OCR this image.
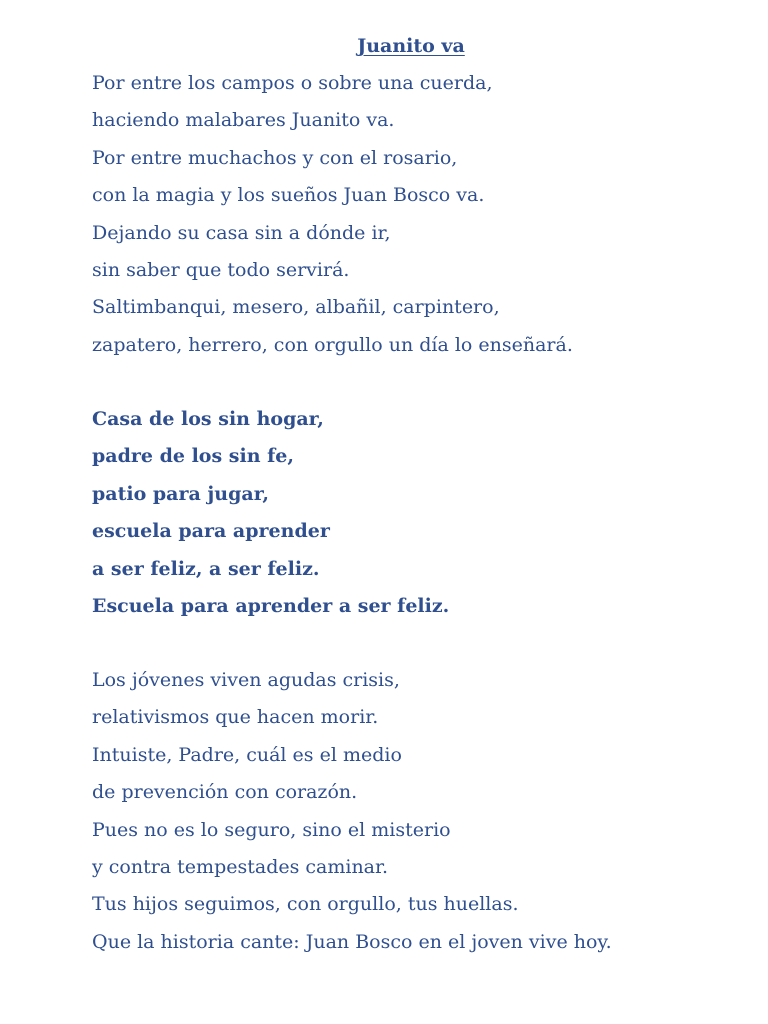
Juanito va
Por entre los campos o sobre una cuerda,
haciendo malabares Juanito va.
Por entre muchachos y con el rosario,
con la magia y los sueños Juan Bosco va.
Dejando su casa sin a dónde ir,
sin saber que todo servirá.
Saltimbanqui, mesero, albañil, carpintero,
zapatero, herrero, con orgullo un día lo enseñará.
Casa de los sin hogar,
padre de los sin fe,
patio para jugar,
escuela para aprender
a ser feliz, a ser feliz.
Escuela para aprender a ser feliz.
Los jóvenes viven agudas crisis,
relativismos que hacen morir.
Intuiste, Padre, cuál es el medio
de prevención con corazón.
Pues no es lo seguro, sino el misterio
y contra tempestades caminar.
Tus hijos seguimos, con orgullo, tus huellas.
Que la historia cante: Juan Bosco en el joven vive hoy.
